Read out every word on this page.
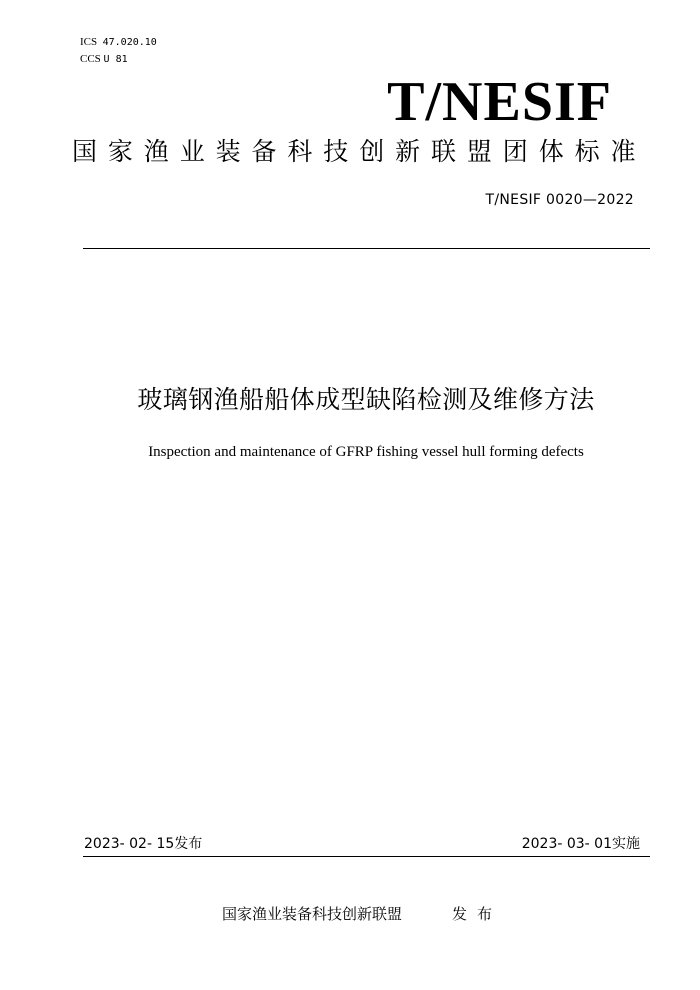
ICS 47.020.10
CCS U 81
T/NESIF
国家渔业装备科技创新联盟团体标准
T/NESIF 0020—2022
玻璃钢渔船船体成型缺陷检测及维修方法
Inspection and maintenance of GFRP fishing vessel hull forming defects
2023- 02- 15发布	2023- 03- 01实施
国家渔业装备科技创新联盟	发布
